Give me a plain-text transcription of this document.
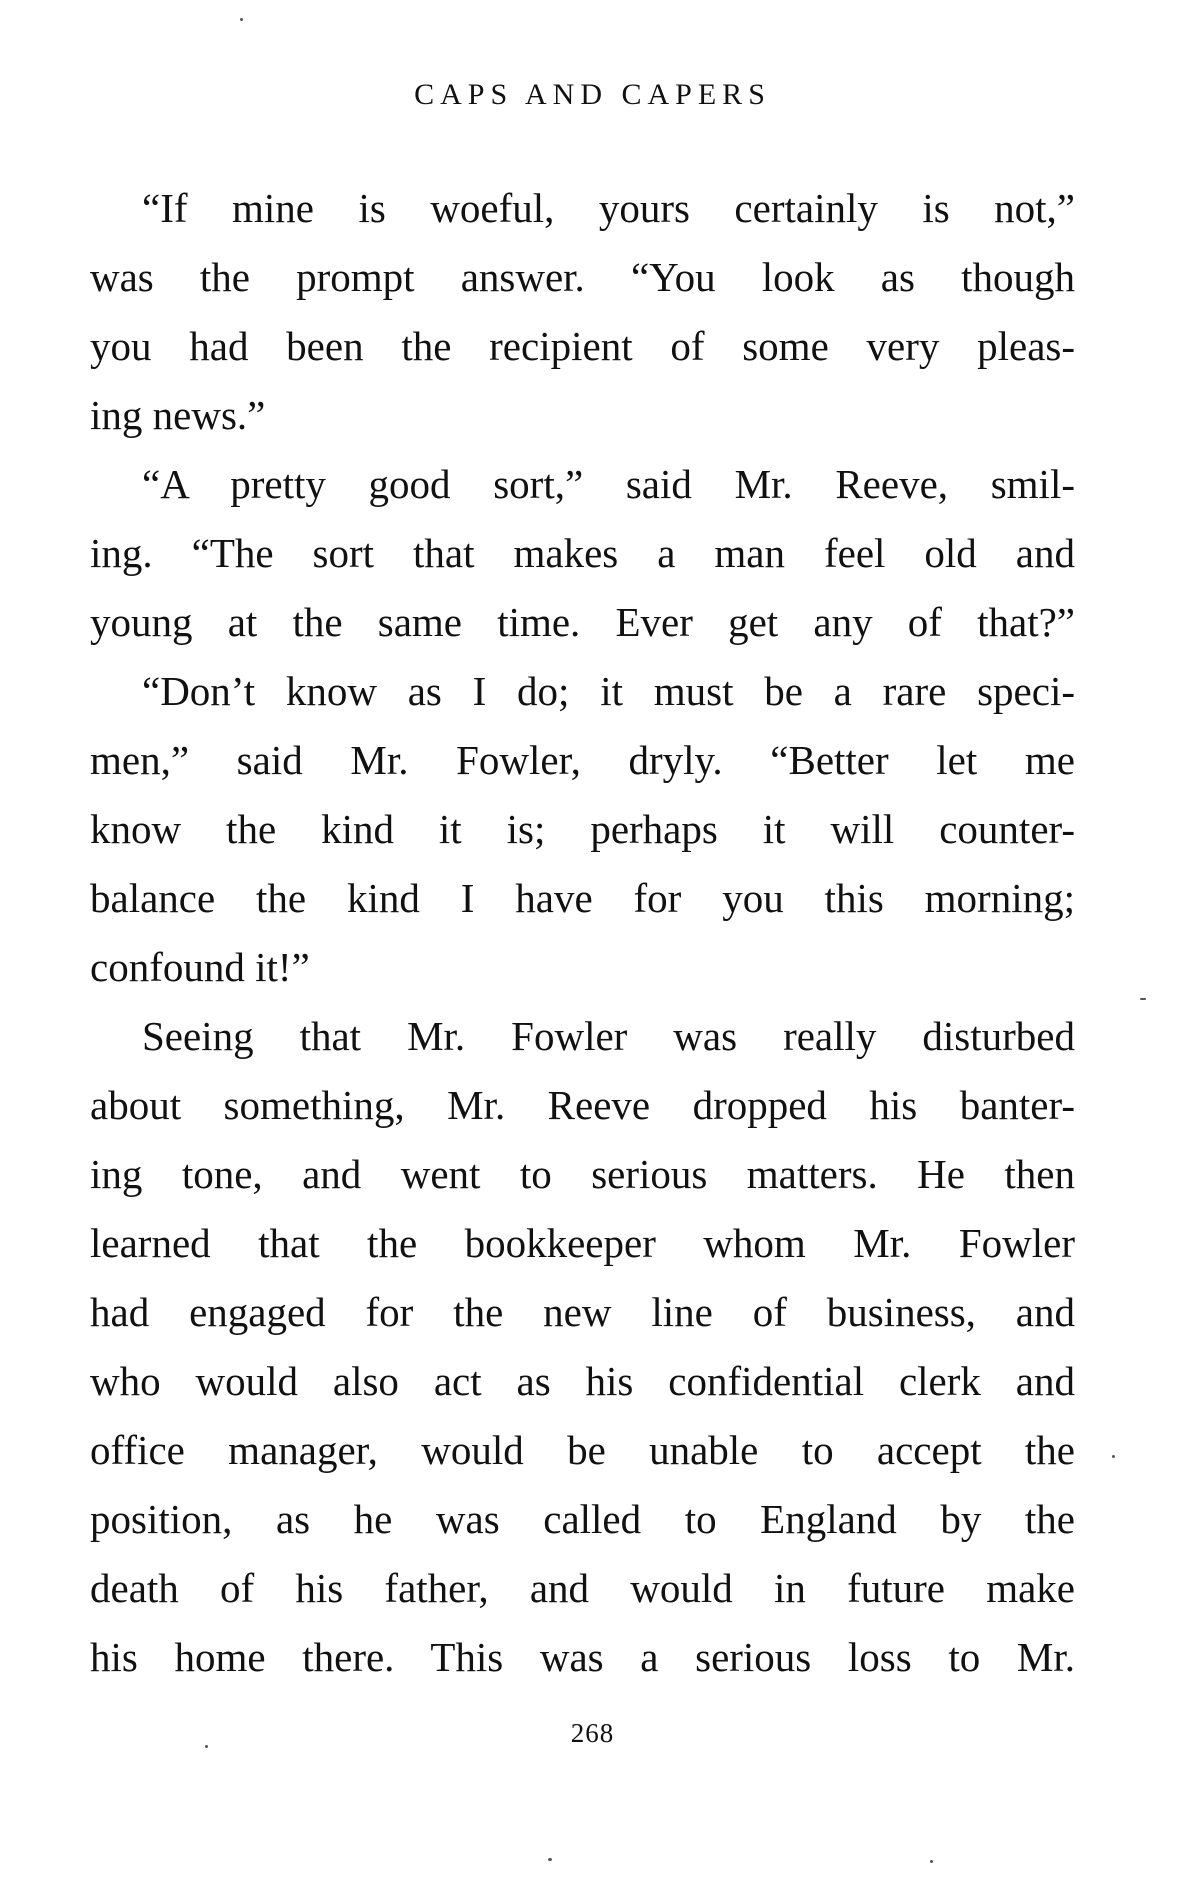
CAPS AND CAPERS
“If mine is woeful, yours certainly is not,”
was the prompt answer. “You look as though
you had been the recipient of some very pleas-
ing news.”
“A pretty good sort,” said Mr. Reeve, smil-
ing. “The sort that makes a man feel old and
young at the same time. Ever get any of that?”
“Don’t know as I do; it must be a rare speci-
men,” said Mr. Fowler, dryly. “Better let me
know the kind it is; perhaps it will counter-
balance the kind I have for you this morning;
confound it!”
Seeing that Mr. Fowler was really disturbed
about something, Mr. Reeve dropped his banter-
ing tone, and went to serious matters. He then
learned that the bookkeeper whom Mr. Fowler
had engaged for the new line of business, and
who would also act as his confidential clerk and
office manager, would be unable to accept the
position, as he was called to England by the
death of his father, and would in future make
his home there. This was a serious loss to Mr.
268
